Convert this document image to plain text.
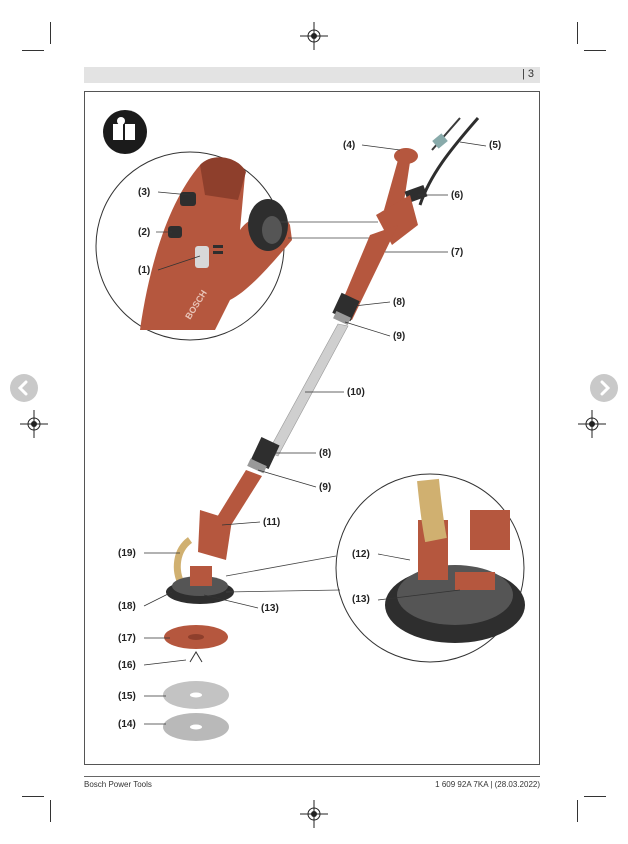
| 3
BOSCH
(1)
(2)
(3)
(4)	(5)
(6)
(7)
(8)
(9)
(10)
(8)
(9)
(11)
(12)
(13)
(19)
(18)	(13)
(17)
(16)
(15)
(14)
Bosch Power Tools	1 609 92A 7KA | (28.03.2022)
